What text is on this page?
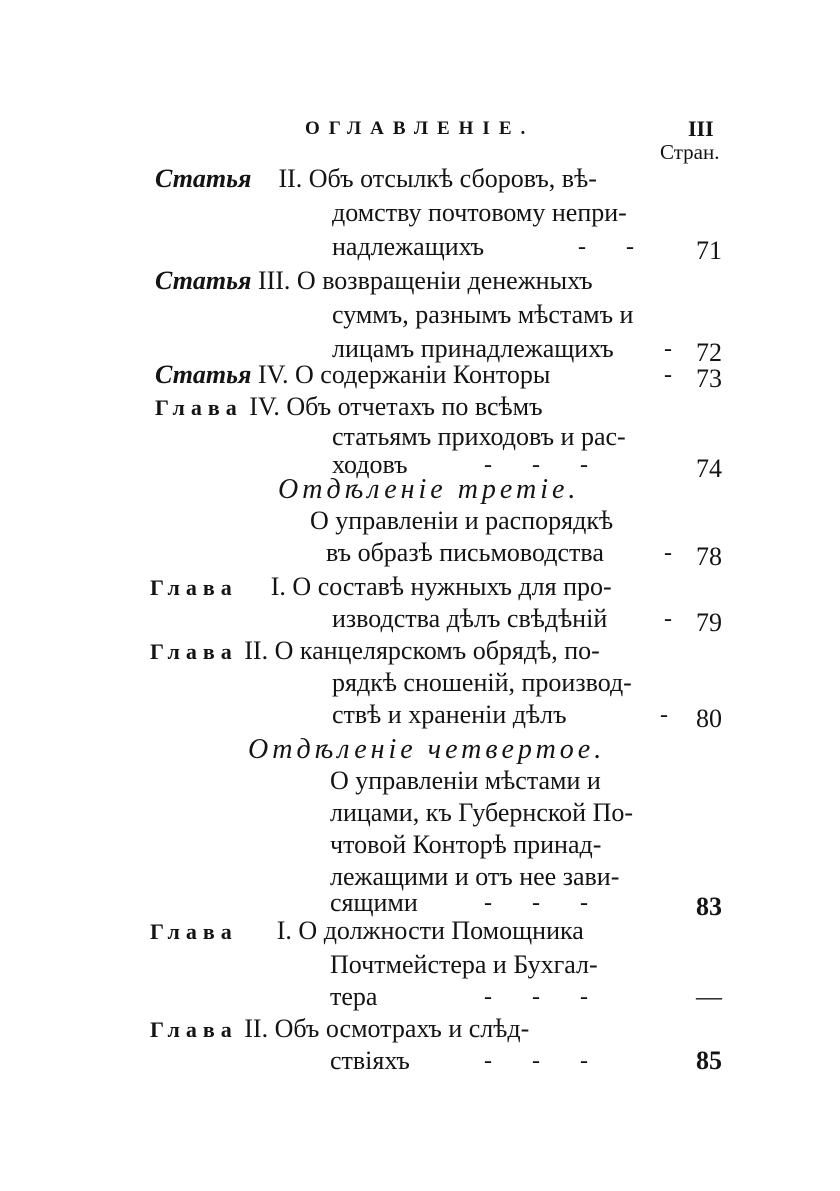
ОГЛАВЛЕНІЕ.	III
Стран.
Статья II. Объ отсылкѣ сборовъ, вѣ-
домству почтовому непри-
надлежащихъ	- - 71
Статья III. О возвращеніи денежныхъ
суммъ, разнымъ мѣстамъ и
лицамъ принадлежащихъ - 72
Статья IV. О содержаніи Конторы	- 73
Глава IV. Объ отчетахъ по всѣмъ
статьямъ приходовъ и рас-
ходовъ	- - -	74
Отдѣленіе третіе.
О управленіи и распорядкѣ
въ образѣ письмоводства	- 78
Глава I. О составѣ нужныхъ для про-
изводства дѣлъ свѣдѣній - 79
Глава II. О канцелярскомъ обрядѣ, по-
рядкѣ сношеній, производ-
ствѣ и храненіи дѣлъ	- 80
Отдѣленіе четвертое.
О управленіи мѣстами и
лицами, къ Губернской По-
чтовой Конторѣ принад-
лежащими и отъ нее зави-
сящими	- - -	83
Глава I. О должности Помощника
Почтмейстера и Бухгал-
тера	- - -	—
Глава II. Объ осмотрахъ и слѣд-
ствіяхъ	- - -	85
